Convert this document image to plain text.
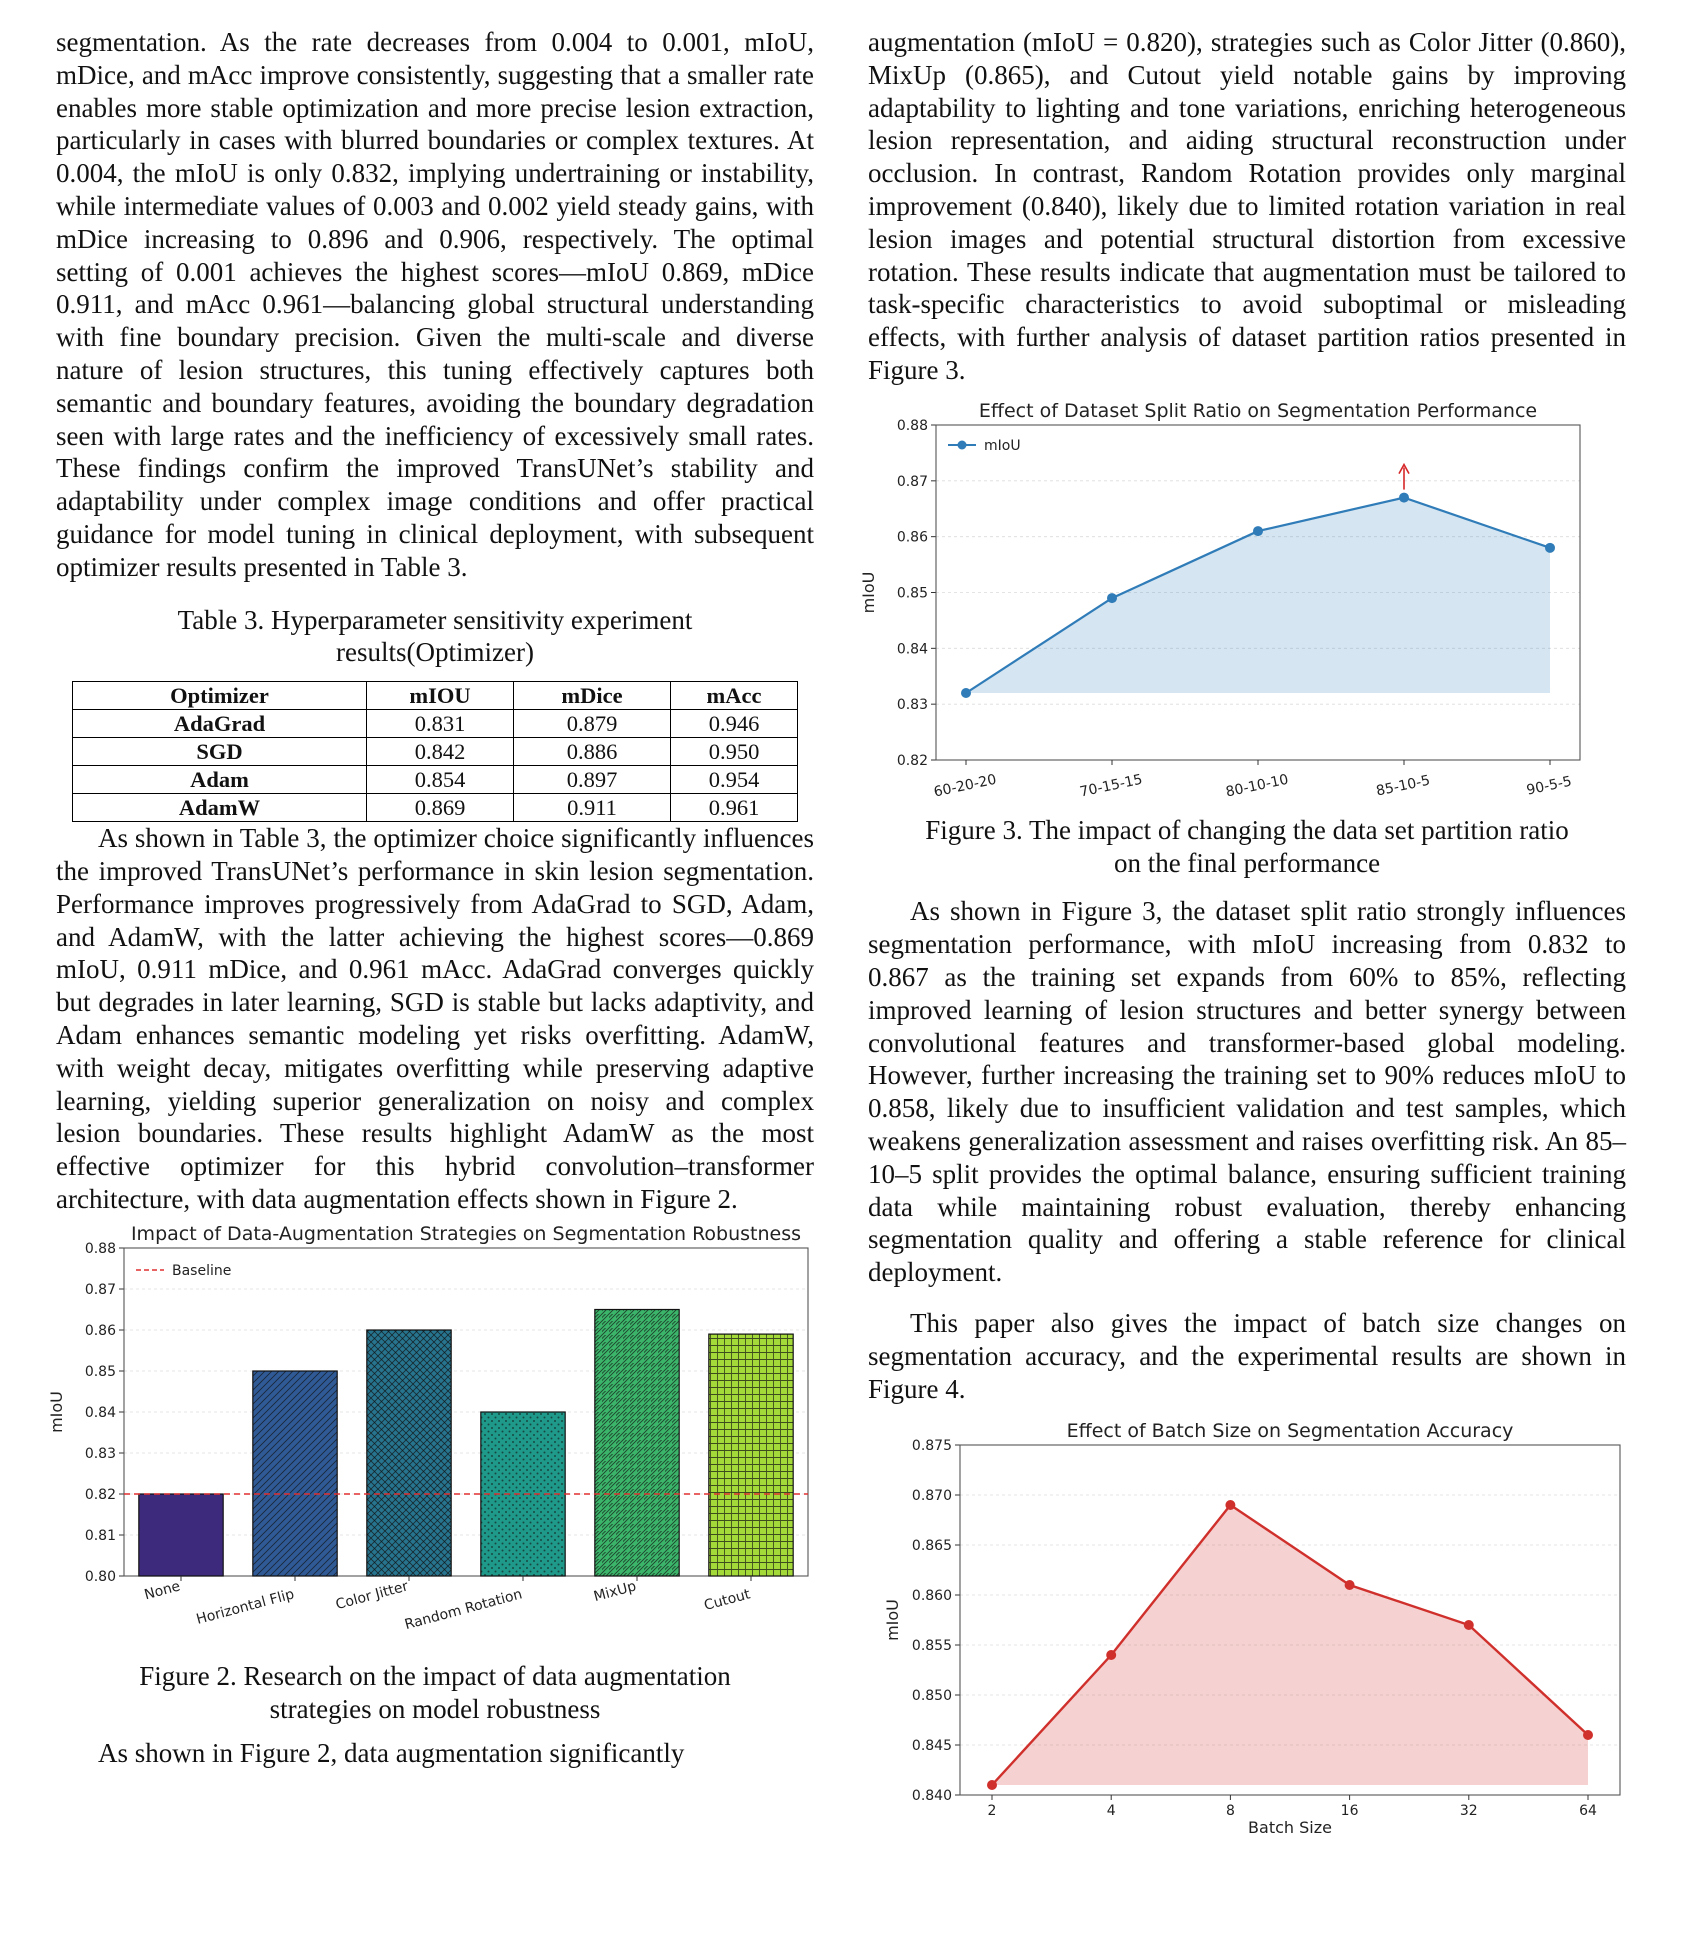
segmentation. As the rate decreases from 0.004 to 0.001, mIoU, mDice, and mAcc improve consistently, suggesting that a smaller rate enables more stable optimization and more precise lesion extraction, particularly in cases with blurred boundaries or complex textures. At 0.004, the mIoU is only 0.832, implying undertraining or instability, while intermediate values of 0.003 and 0.002 yield steady gains, with mDice increasing to 0.896 and 0.906, respectively. The optimal setting of 0.001 achieves the highest scores—mIoU 0.869, mDice 0.911, and mAcc 0.961—balancing global structural understanding with fine boundary precision. Given the multi-scale and diverse nature of lesion structures, this tuning effectively captures both semantic and boundary features, avoiding the boundary degradation seen with large rates and the inefficiency of excessively small rates. These findings confirm the improved TransUNet’s stability and adaptability under complex image conditions and offer practical guidance for model tuning in clinical deployment, with subsequent optimizer results presented in Table 3.

Table 3. Hyperparameter sensitivity experiment

results(Optimizer)

Optimizer	mIOU	mDice	mAcc
AdaGrad	0.831	0.879	0.946
SGD	0.842	0.886	0.950
Adam	0.854	0.897	0.954
AdamW	0.869	0.911	0.961

As shown in Table 3, the optimizer choice significantly influences the improved TransUNet’s performance in skin lesion segmentation. Performance improves progressively from AdaGrad to SGD, Adam, and AdamW, with the latter achieving the highest scores—0.869 mIoU, 0.911 mDice, and 0.961 mAcc. AdaGrad converges quickly but degrades in later learning, SGD is stable but lacks adaptivity, and Adam enhances semantic modeling yet risks overfitting. AdamW, with weight decay, mitigates overfitting while preserving adaptive learning, yielding superior generalization on noisy and complex lesion boundaries. These results highlight AdamW as the most effective optimizer for this hybrid convolution–transformer architecture, with data augmentation effects shown in Figure 2.

0.80
0.81
0.82
0.83
0.84
0.85
0.86
0.87
0.88
Impact of Data-Augmentation Strategies on Segmentation Robustness
mIoU
None Horizontal Flip	Color Jitter
Random Rotation	MixUp	Cutout
Baseline

Figure 2. Research on the impact of data augmentation

strategies on model robustness

As shown in Figure 2, data augmentation significantly

augmentation (mIoU = 0.820), strategies such as Color Jitter (0.860), MixUp (0.865), and Cutout yield notable gains by improving adaptability to lighting and tone variations, enriching heterogeneous lesion representation, and aiding structural reconstruction under occlusion. In contrast, Random Rotation provides only marginal improvement (0.840), likely due to limited rotation variation in real lesion images and potential structural distortion from excessive rotation. These results indicate that augmentation must be tailored to task-specific characteristics to avoid suboptimal or misleading effects, with further analysis of dataset partition ratios presented in Figure 3.

0.82
0.83
0.84
0.85
0.86
0.87
0.88
Effect of Dataset Split Ratio on Segmentation Performance
mIoU
60-20-20	70-15-15	80-10-10	85-10-5	90-5-5
mIoU

Figure 3. The impact of changing the data set partition ratio

on the final performance

As shown in Figure 3, the dataset split ratio strongly influences segmentation performance, with mIoU increasing from 0.832 to 0.867 as the training set expands from 60% to 85%, reflecting improved learning of lesion structures and better synergy between convolutional features and transformer-based global modeling. However, further increasing the training set to 90% reduces mIoU to 0.858, likely due to insufficient validation and test samples, which weakens generalization assessment and raises overfitting risk. An 85–10–5 split provides the optimal balance, ensuring sufficient training data while maintaining robust evaluation, thereby enhancing segmentation quality and offering a stable reference for clinical deployment.

This paper also gives the impact of batch size changes on segmentation accuracy, and the experimental results are shown in Figure 4.

0.840
0.845
0.850
0.855
0.860
0.865
0.870
0.875
Effect of Batch Size on Segmentation Accuracy
mIoU
2	4	8	16	32	64
Batch Size
